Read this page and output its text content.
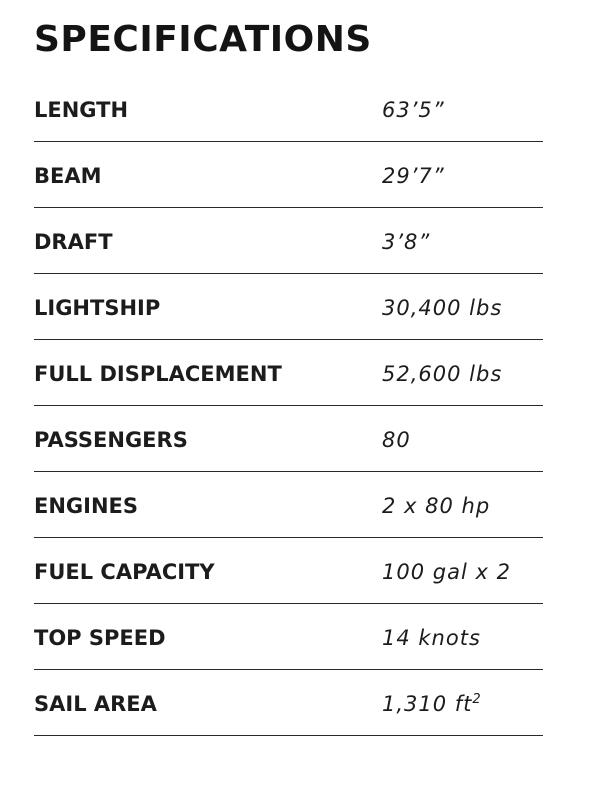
SPECIFICATIONS
LENGTH	63’5”
BEAM	29’7”
DRAFT	3’8”
LIGHTSHIP	30,400 lbs
FULL DISPLACEMENT	52,600 lbs
PASSENGERS	80
ENGINES	2 x 80 hp
FUEL CAPACITY	100 gal x 2
TOP SPEED	14 knots
SAIL AREA	1,310 $ft^2$
